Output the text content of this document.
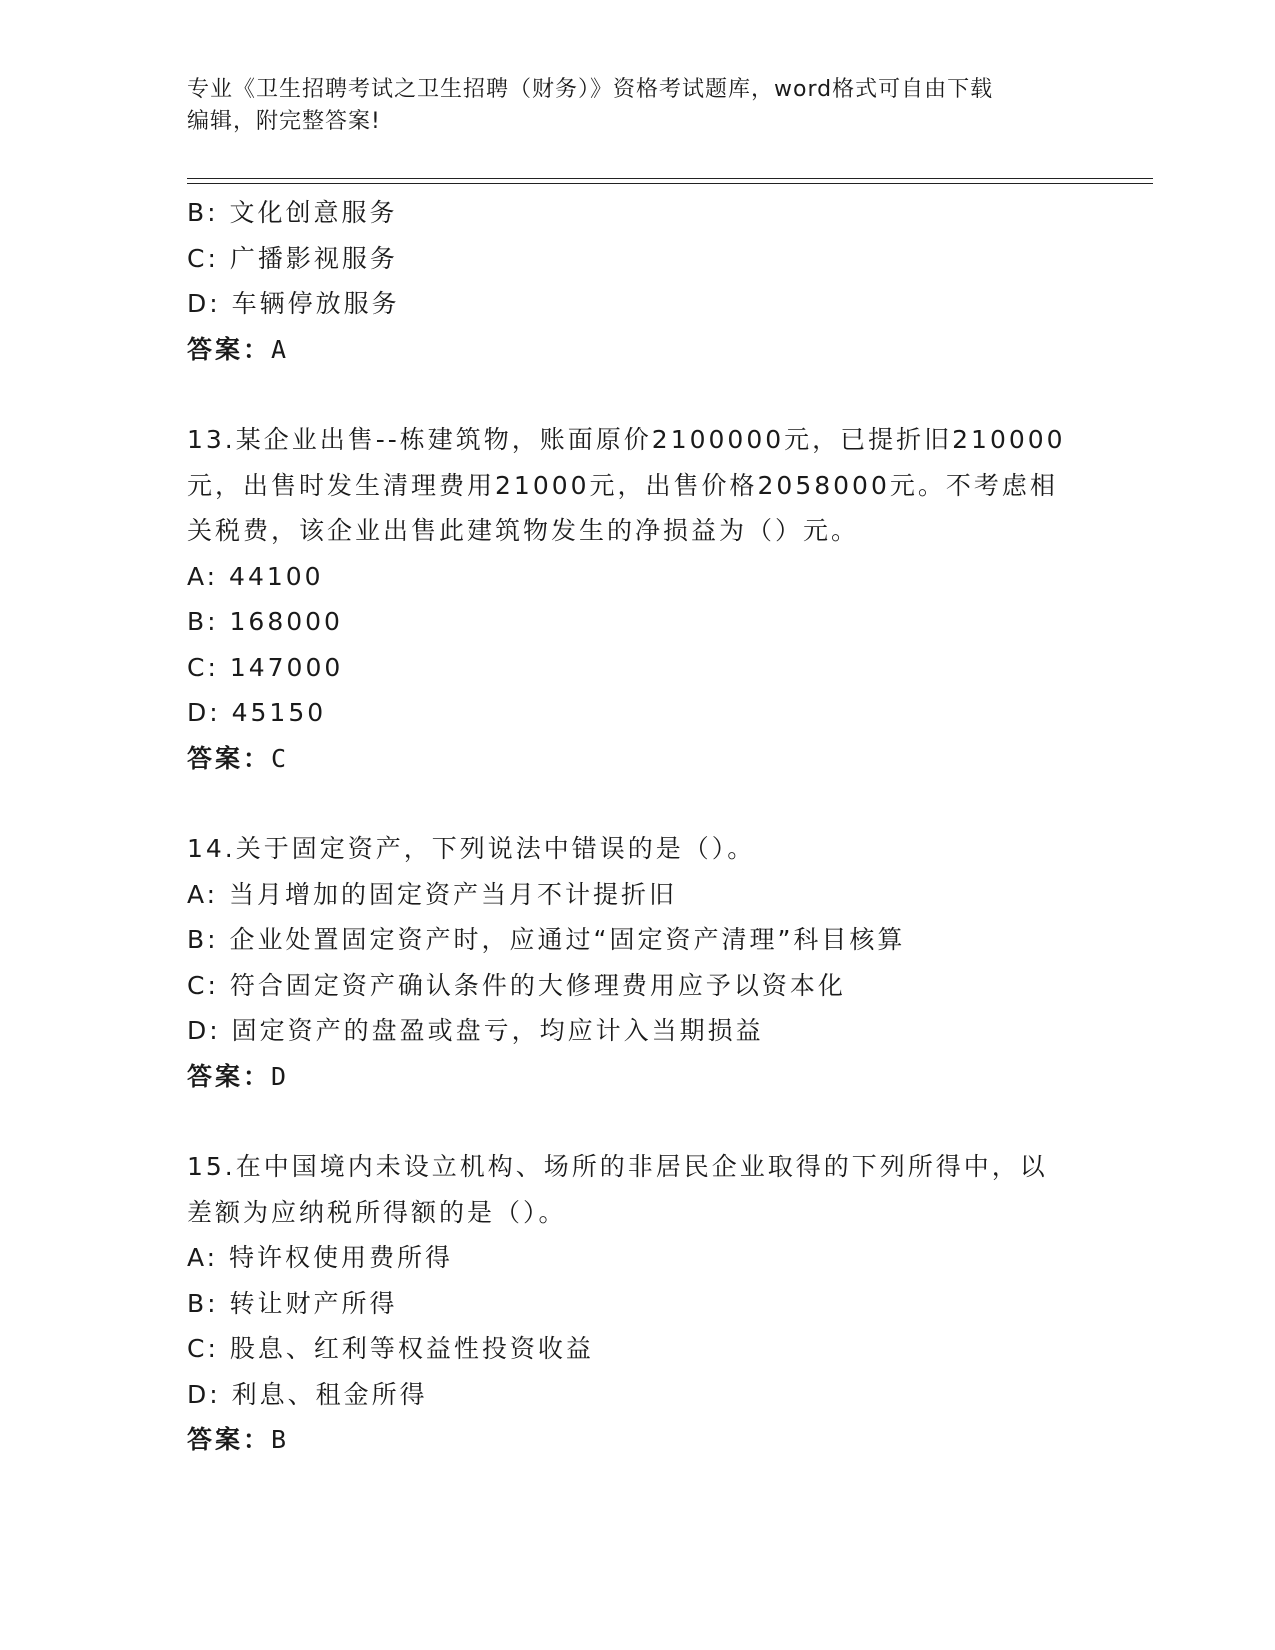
专业《卫生招聘考试之卫生招聘（财务）》资格考试题库，word格式可自由下载
编辑，附完整答案!
B: 文化创意服务
C: 广播影视服务
D: 车辆停放服务
答案：A
13.某企业出售--栋建筑物，账面原价2100000元，已提折旧210000
元，出售时发生清理费用21000元，出售价格2058000元。不考虑相
关税费，该企业出售此建筑物发生的净损益为（）元。
A: 44100
B: 168000
C: 147000
D: 45150
答案：C
14.关于固定资产，下列说法中错误的是（）。
A: 当月增加的固定资产当月不计提折旧
B: 企业处置固定资产时，应通过“固定资产清理”科目核算
C: 符合固定资产确认条件的大修理费用应予以资本化
D: 固定资产的盘盈或盘亏，均应计入当期损益
答案：D
15.在中国境内未设立机构、场所的非居民企业取得的下列所得中，以
差额为应纳税所得额的是（）。
A: 特许权使用费所得
B: 转让财产所得
C: 股息、红利等权益性投资收益
D: 利息、租金所得
答案：B
